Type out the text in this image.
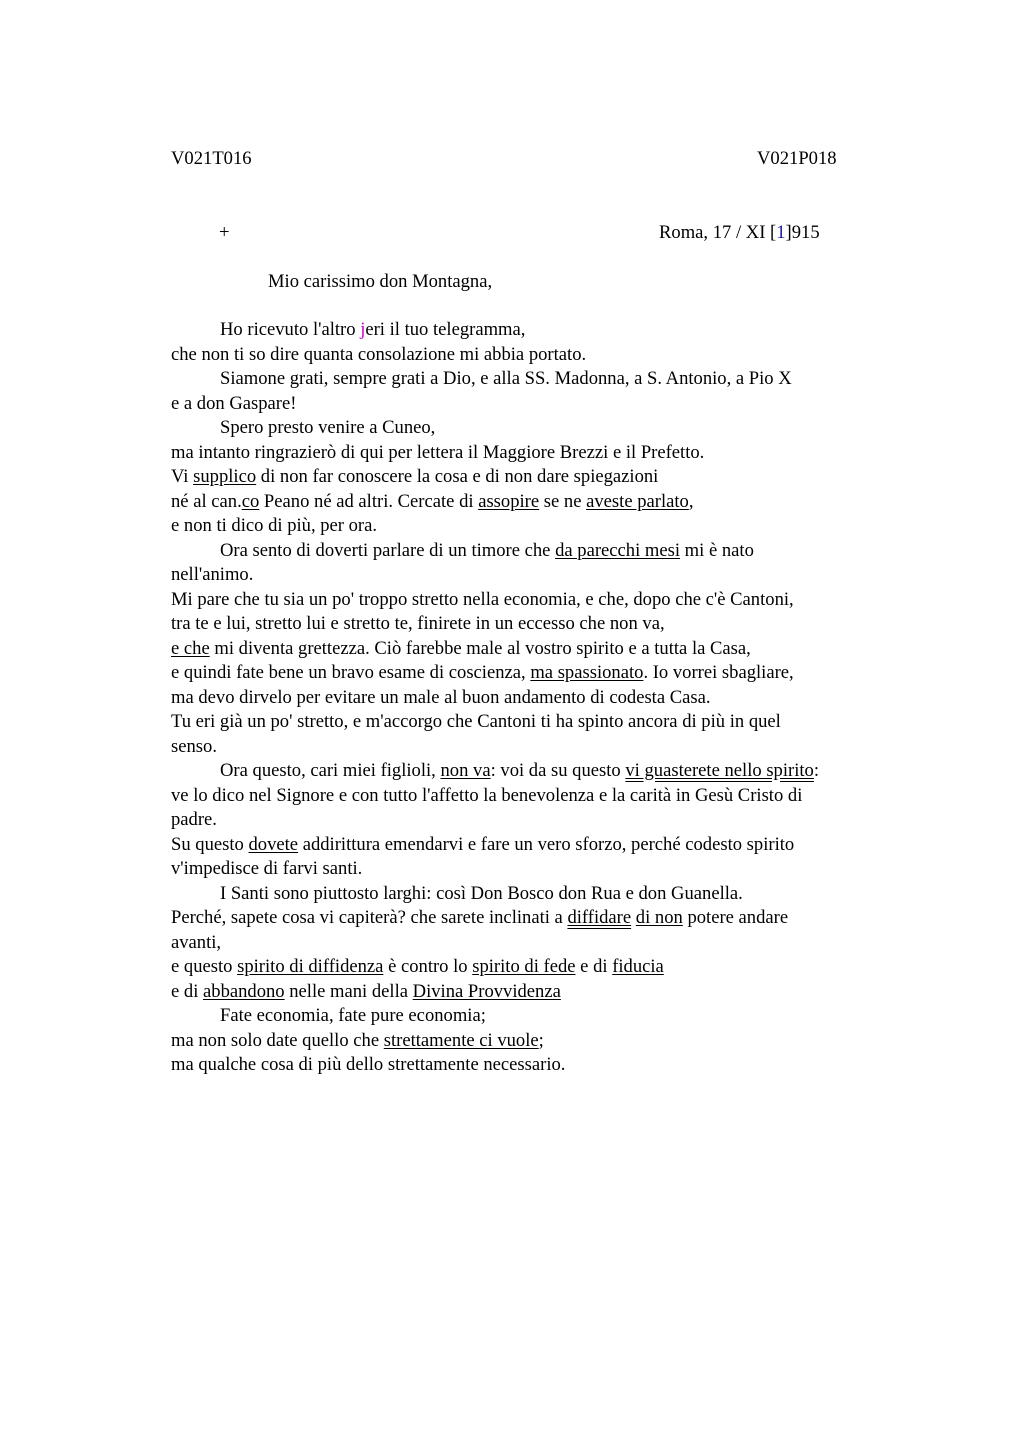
V021T016	V021P018
+	Roma, 17 / XI [1]915
Mio carissimo don Montagna,
Ho ricevuto l'altro jeri il tuo telegramma,
che non ti so dire quanta consolazione mi abbia portato.
Siamone grati, sempre grati a Dio, e alla SS. Madonna, a S. Antonio, a Pio X
e a don Gaspare!
Spero presto venire a Cuneo,
ma intanto ringrazierò di qui per lettera il Maggiore Brezzi e il Prefetto.
Vi supplico di non far conoscere la cosa e di non dare spiegazioni
né al can.co Peano né ad altri. Cercate di assopire se ne aveste parlato,
e non ti dico di più, per ora.
Ora sento di doverti parlare di un timore che da parecchi mesi mi è nato
nell'animo.
Mi pare che tu sia un po' troppo stretto nella economia, e che, dopo che c'è Cantoni,
tra te e lui, stretto lui e stretto te, finirete in un eccesso che non va,
e che mi diventa grettezza. Ciò farebbe male al vostro spirito e a tutta la Casa,
e quindi fate bene un bravo esame di coscienza, ma spassionato. Io vorrei sbagliare,
ma devo dirvelo per evitare un male al buon andamento di codesta Casa.
Tu eri già un po' stretto, e m'accorgo che Cantoni ti ha spinto ancora di più in quel
senso.
Ora questo, cari miei figlioli, non va: voi da su questo vi guasterete nello spirito:
ve lo dico nel Signore e con tutto l'affetto la benevolenza e la carità in Gesù Cristo di
padre.
Su questo dovete addirittura emendarvi e fare un vero sforzo, perché codesto spirito
v'impedisce di farvi santi.
I Santi sono piuttosto larghi: così Don Bosco don Rua e don Guanella.
Perché, sapete cosa vi capiterà? che sarete inclinati a diffidare di non potere andare
avanti,
e questo spirito di diffidenza è contro lo spirito di fede e di fiducia
e di abbandono nelle mani della Divina Provvidenza
Fate economia, fate pure economia;
ma non solo date quello che strettamente ci vuole;
ma qualche cosa di più dello strettamente necessario.
